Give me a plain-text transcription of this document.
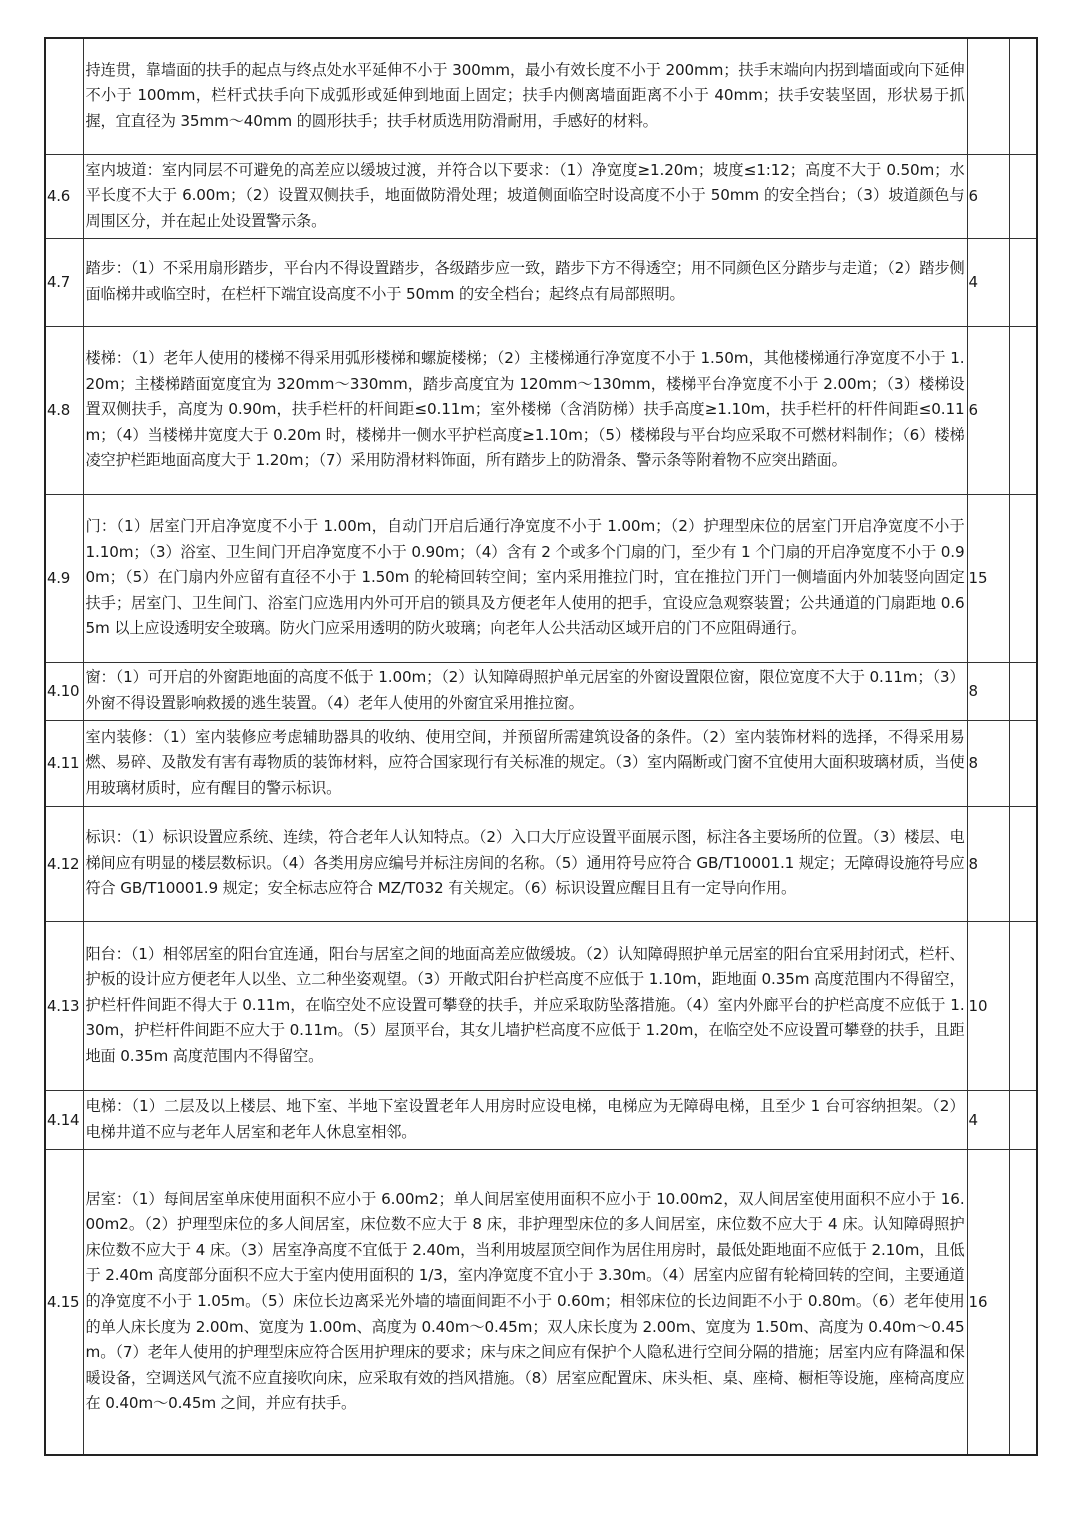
	持连贯，靠墙面的扶手的起点与终点处水平延伸不小于 300mm，最小有效长度不小于 200mm；扶手末端向内拐到墙面或向下延伸不小于 100mm，栏杆式扶手向下成弧形或延伸到地面上固定；扶手内侧离墙面距离不小于 40mm；扶手安装坚固，形状易于抓握，宜直径为 35mm～40mm 的圆形扶手；扶手材质选用防滑耐用，手感好的材料。		
4.6	室内坡道：室内同层不可避免的高差应以缓坡过渡，并符合以下要求：（1）净宽度≥1.20m；坡度≤1:12；高度不大于 0.50m；水平长度不大于 6.00m；（2）设置双侧扶手，地面做防滑处理；坡道侧面临空时设高度不小于 50mm 的安全挡台；（3）坡道颜色与周围区分，并在起止处设置警示条。	6	
4.7	踏步：（1）不采用扇形踏步，平台内不得设置踏步，各级踏步应一致，踏步下方不得透空；用不同颜色区分踏步与走道；（2）踏步侧面临梯井或临空时，在栏杆下端宜设高度不小于 50mm 的安全档台；起终点有局部照明。	4	
4.8	楼梯：（1）老年人使用的楼梯不得采用弧形楼梯和螺旋楼梯；（2）主楼梯通行净宽度不小于 1.50m，其他楼梯通行净宽度不小于 1.20m；主楼梯踏面宽度宜为 320mm～330mm，踏步高度宜为 120mm～130mm，楼梯平台净宽度不小于 2.00m；（3）楼梯设置双侧扶手，高度为 0.90m，扶手栏杆的杆间距≤0.11m；室外楼梯（含消防梯）扶手高度≥1.10m，扶手栏杆的杆件间距≤0.11m；（4）当楼梯井宽度大于 0.20m 时，楼梯井一侧水平护栏高度≥1.10m；（5）楼梯段与平台均应采取不可燃材料制作；（6）楼梯凌空护栏距地面高度大于 1.20m；（7）采用防滑材料饰面，所有踏步上的防滑条、警示条等附着物不应突出踏面。	6	
4.9	门：（1）居室门开启净宽度不小于 1.00m，自动门开启后通行净宽度不小于 1.00m；（2）护理型床位的居室门开启净宽度不小于 1.10m；（3）浴室、卫生间门开启净宽度不小于 0.90m；（4）含有 2 个或多个门扇的门，至少有 1 个门扇的开启净宽度不小于 0.90m；（5）在门扇内外应留有直径不小于 1.50m 的轮椅回转空间；室内采用推拉门时，宜在推拉门开门一侧墙面内外加装竖向固定扶手；居室门、卫生间门、浴室门应选用内外可开启的锁具及方便老年人使用的把手，宜设应急观察装置；公共通道的门扇距地 0.65m 以上应设透明安全玻璃。防火门应采用透明的防火玻璃；向老年人公共活动区域开启的门不应阻碍通行。	15	
4.10	窗：（1）可开启的外窗距地面的高度不低于 1.00m；（2）认知障碍照护单元居室的外窗设置限位窗，限位宽度不大于 0.11m；（3）外窗不得设置影响救援的逃生装置。（4）老年人使用的外窗宜采用推拉窗。	8	
4.11	室内装修：（1）室内装修应考虑辅助器具的收纳、使用空间，并预留所需建筑设备的条件。（2）室内装饰材料的选择，不得采用易燃、易碎、及散发有害有毒物质的装饰材料，应符合国家现行有关标准的规定。（3）室内隔断或门窗不宜使用大面积玻璃材质，当使用玻璃材质时，应有醒目的警示标识。	8	
4.12	标识：（1）标识设置应系统、连续，符合老年人认知特点。（2）入口大厅应设置平面展示图，标注各主要场所的位置。（3）楼层、电梯间应有明显的楼层数标识。（4）各类用房应编号并标注房间的名称。（5）通用符号应符合 GB/T10001.1 规定；无障碍设施符号应符合 GB/T10001.9 规定；安全标志应符合 MZ/T032 有关规定。（6）标识设置应醒目且有一定导向作用。	8	
4.13	阳台：（1）相邻居室的阳台宜连通，阳台与居室之间的地面高差应做缓坡。（2）认知障碍照护单元居室的阳台宜采用封闭式，栏杆、护板的设计应方便老年人以坐、立二种坐姿观望。（3）开敞式阳台护栏高度不应低于 1.10m，距地面 0.35m 高度范围内不得留空，护栏杆件间距不得大于 0.11m，在临空处不应设置可攀登的扶手，并应采取防坠落措施。（4）室内外廊平台的护栏高度不应低于 1.30m，护栏杆件间距不应大于 0.11m。（5）屋顶平台，其女儿墙护栏高度不应低于 1.20m，在临空处不应设置可攀登的扶手，且距地面 0.35m 高度范围内不得留空。	10	
4.14	电梯：（1）二层及以上楼层、地下室、半地下室设置老年人用房时应设电梯，电梯应为无障碍电梯，且至少 1 台可容纳担架。（2）电梯井道不应与老年人居室和老年人休息室相邻。	4	
4.15	居室：（1）每间居室单床使用面积不应小于 6.00m2；单人间居室使用面积不应小于 10.00m2，双人间居室使用面积不应小于 16.00m2。（2）护理型床位的多人间居室，床位数不应大于 8 床，非护理型床位的多人间居室，床位数不应大于 4 床。认知障碍照护床位数不应大于 4 床。（3）居室净高度不宜低于 2.40m，当利用坡屋顶空间作为居住用房时，最低处距地面不应低于 2.10m，且低于 2.40m 高度部分面积不应大于室内使用面积的 1/3，室内净宽度不宜小于 3.30m。（4）居室内应留有轮椅回转的空间，主要通道的净宽度不小于 1.05m。（5）床位长边离采光外墙的墙面间距不小于 0.60m；相邻床位的长边间距不小于 0.80m。（6）老年使用的单人床长度为 2.00m、宽度为 1.00m、高度为 0.40m～0.45m；双人床长度为 2.00m、宽度为 1.50m、高度为 0.40m～0.45m。（7）老年人使用的护理型床应符合医用护理床的要求；床与床之间应有保护个人隐私进行空间分隔的措施；居室内应有降温和保暖设备，空调送风气流不应直接吹向床，应采取有效的挡风措施。（8）居室应配置床、床头柜、桌、座椅、橱柜等设施，座椅高度应在 0.40m～0.45m 之间，并应有扶手。	16	
